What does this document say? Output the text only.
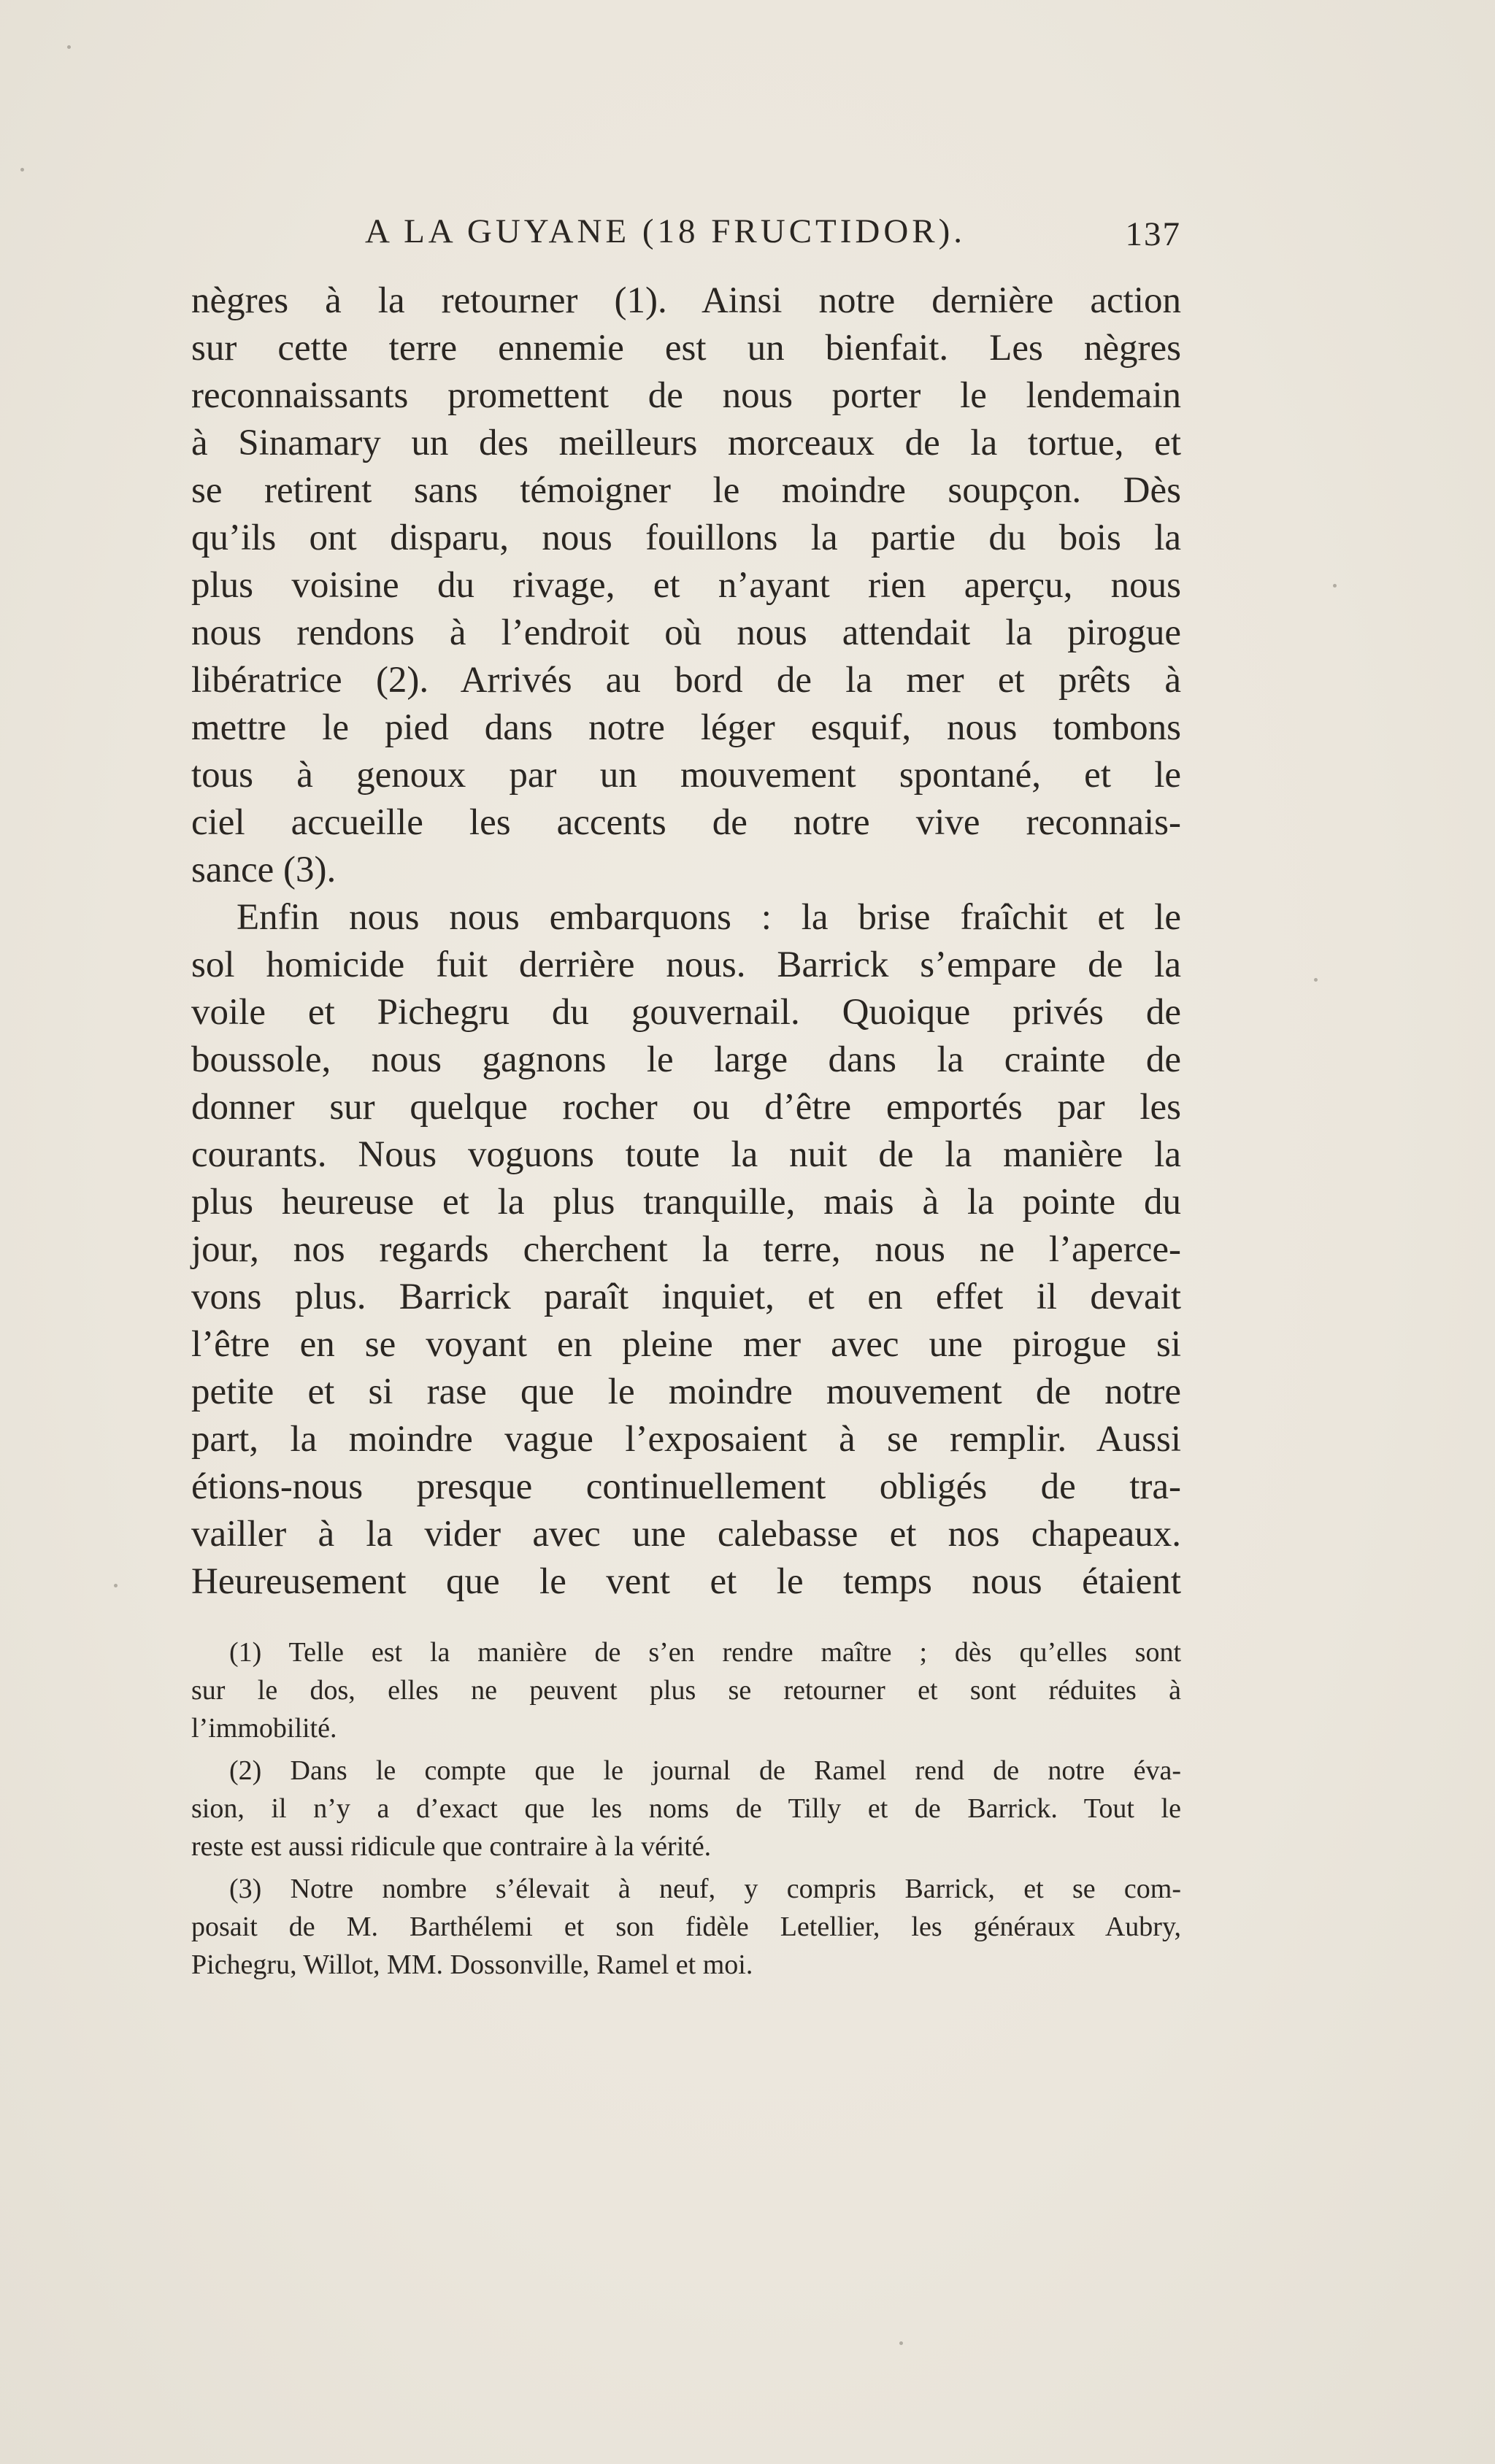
A LA GUYANE (18 FRUCTIDOR).	137
nègres à la retourner (1). Ainsi notre dernière action
sur cette terre ennemie est un bienfait. Les nègres
reconnaissants promettent de nous porter le lendemain
à Sinamary un des meilleurs morceaux de la tortue, et
se retirent sans témoigner le moindre soupçon. Dès
qu’ils ont disparu, nous fouillons la partie du bois la
plus voisine du rivage, et n’ayant rien aperçu, nous
nous rendons à l’endroit où nous attendait la pirogue
libératrice (2). Arrivés au bord de la mer et prêts à
mettre le pied dans notre léger esquif, nous tombons
tous à genoux par un mouvement spontané, et le
ciel accueille les accents de notre vive reconnais-
sance (3).
Enfin nous nous embarquons : la brise fraîchit et le
sol homicide fuit derrière nous. Barrick s’empare de la
voile et Pichegru du gouvernail. Quoique privés de
boussole, nous gagnons le large dans la crainte de
donner sur quelque rocher ou d’être emportés par les
courants. Nous voguons toute la nuit de la manière la
plus heureuse et la plus tranquille, mais à la pointe du
jour, nos regards cherchent la terre, nous ne l’aperce-
vons plus. Barrick paraît inquiet, et en effet il devait
l’être en se voyant en pleine mer avec une pirogue si
petite et si rase que le moindre mouvement de notre
part, la moindre vague l’exposaient à se remplir. Aussi
étions-nous presque continuellement obligés de tra-
vailler à la vider avec une calebasse et nos chapeaux.
Heureusement que le vent et le temps nous étaient
(1) Telle est la manière de s’en rendre maître ; dès qu’elles sont
sur le dos, elles ne peuvent plus se retourner et sont réduites à
l’immobilité.
(2) Dans le compte que le journal de Ramel rend de notre éva-
sion, il n’y a d’exact que les noms de Tilly et de Barrick. Tout le
reste est aussi ridicule que contraire à la vérité.
(3) Notre nombre s’élevait à neuf, y compris Barrick, et se com-
posait de M. Barthélemi et son fidèle Letellier, les généraux Aubry,
Pichegru, Willot, MM. Dossonville, Ramel et moi.
